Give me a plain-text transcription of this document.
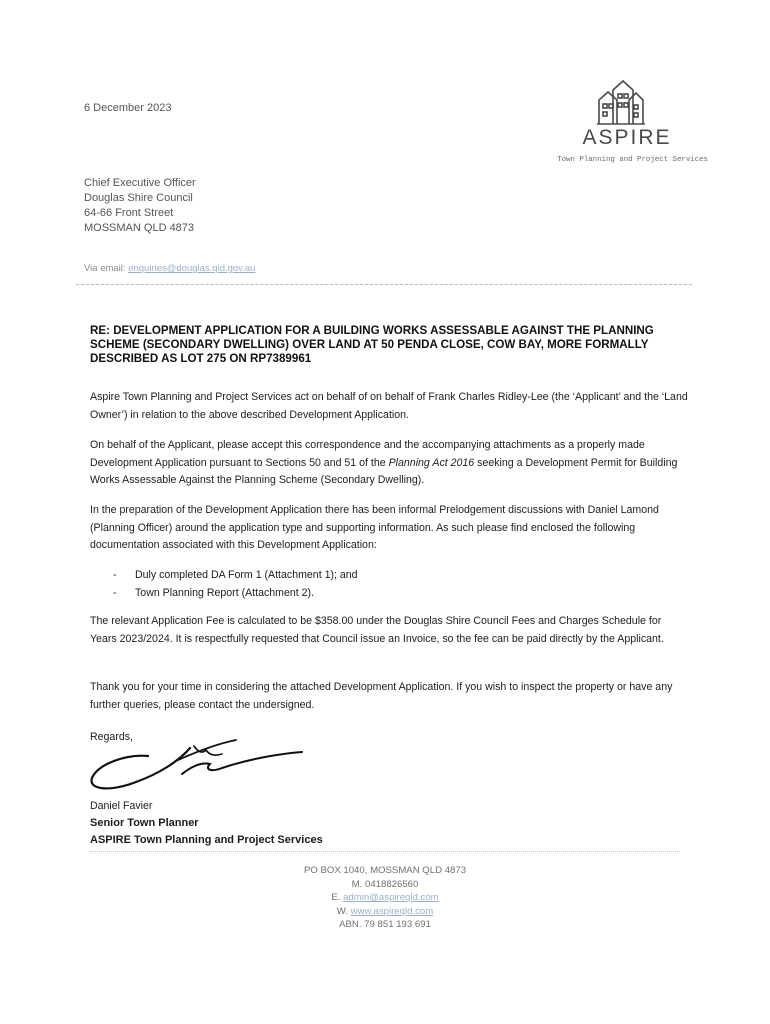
6 December 2023
ASPIRE
Town Planning and Project Services
Chief Executive Officer
Douglas Shire Council
64-66 Front Street
MOSSMAN QLD 4873
Via email: enquiries@douglas.qld.gov.au
RE: DEVELOPMENT APPLICATION FOR A BUILDING WORKS ASSESSABLE AGAINST THE PLANNING SCHEME (SECONDARY DWELLING) OVER LAND AT 50 PENDA CLOSE, COW BAY, MORE FORMALLY DESCRIBED AS LOT 275 ON RP7389961
Aspire Town Planning and Project Services act on behalf of on behalf of Frank Charles Ridley-Lee (the ‘Applicant’ and the ‘Land Owner’) in relation to the above described Development Application.
On behalf of the Applicant, please accept this correspondence and the accompanying attachments as a properly made Development Application pursuant to Sections 50 and 51 of the Planning Act 2016 seeking a Development Permit for Building Works Assessable Against the Planning Scheme (Secondary Dwelling).
In the preparation of the Development Application there has been informal Prelodgement discussions with Daniel Lamond (Planning Officer) around the application type and supporting information. As such please find enclosed the following documentation associated with this Development Application:
-	Duly completed DA Form 1 (Attachment 1); and
-	Town Planning Report (Attachment 2).
The relevant Application Fee is calculated to be $358.00 under the Douglas Shire Council Fees and Charges Schedule for Years 2023/2024. It is respectfully requested that Council issue an Invoice, so the fee can be paid directly by the Applicant.
Thank you for your time in considering the attached Development Application. If you wish to inspect the property or have any further queries, please contact the undersigned.
Regards,
Daniel Favier
Senior Town Planner
ASPIRE Town Planning and Project Services
PO BOX 1040, MOSSMAN QLD 4873
M. 0418826560
E. admin@aspireqld.com
W. www.aspireqld.com
ABN. 79 851 193 691
